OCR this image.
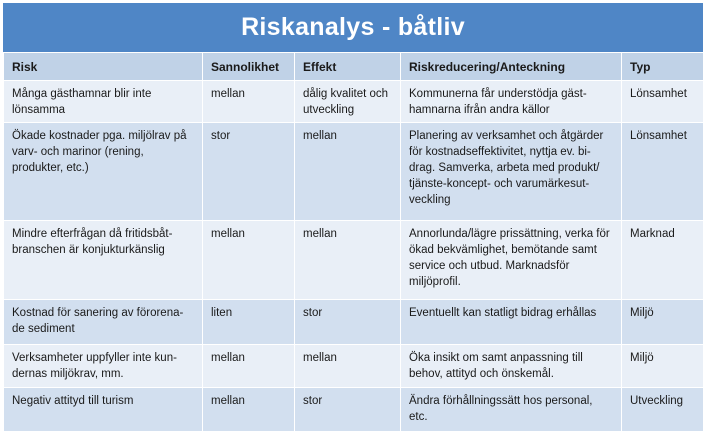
Riskanalys - båtliv
Risk	Sannolikhet	Effekt	Riskreducering/Anteckning	Typ
Många gästhamnar blir inte lönsamma	mellan	dålig kvalitet och utveckling	Kommunerna får understödja gäst-hamnarna ifrån andra källor	Lönsamhet
Ökade kostnader pga. miljölrav på varv- och marinor (rening, produkter, etc.)	stor	mellan	Planering av verksamhet och åtgärder för kostnadseffektivitet, nyttja ev. bi-drag. Samverka, arbeta med produkt/ tjänste-koncept- och varumärkesut-veckling	Lönsamhet
Mindre efterfrågan då fritidsbåt-branschen är konjukturkänslig	mellan	mellan	Annorlunda/lägre prissättning, verka för ökad bekvämlighet, bemötande samt service och utbud. Marknadsför miljöprofil.	Marknad
Kostnad för sanering av förorena-de sediment	liten	stor	Eventuellt kan statligt bidrag erhållas	Miljö
Verksamheter uppfyller inte kun-dernas miljökrav, mm.	mellan	mellan	Öka insikt om samt anpassning till behov, attityd och önskemål.	Miljö
Negativ attityd till turism	mellan	stor	Ändra förhållningssätt hos personal, etc.	Utveckling
